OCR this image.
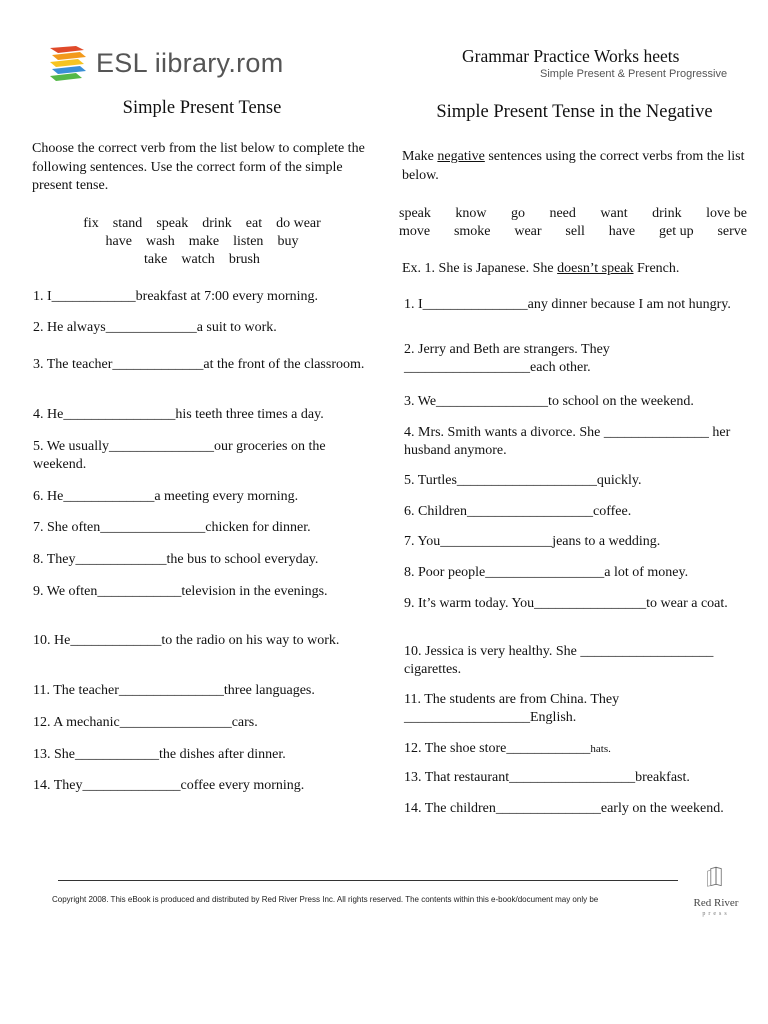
ESL iibrary.rom	Grammar Practice Works heets
Simple Present & Present Progressive

Simple Present Tense

Choose the correct verb from the list below to complete the following sentences. Use the correct form of the simple present tense.

fix stand speak drink eat do wear
have wash make listen buy
take watch brush
1. I____________breakfast at 7:00 every morning.
2. He always_____________a suit to work.
3. The teacher_____________at the front of the classroom.
4. He________________his teeth three times a day.
5. We usually_______________our groceries on the weekend.
6. He_____________a meeting every morning.
7. She often_______________chicken for dinner.
8. They_____________the bus to school everyday.
9. We often____________television in the evenings.
10. He_____________to the radio on his way to work.
11. The teacher_______________three languages.
12. A mechanic________________cars.
13. She____________the dishes after dinner.
14. They______________coffee every morning.

Simple Present Tense in the Negative

Make negative sentences using the correct verbs from the list below.

speak know go need want drink love be
move smoke wear sell have get up serve
Ex. 1. She is Japanese. She doesn’t speak French.
1. I_______________any dinner because I am not hungry.
2. Jerry and Beth are strangers. They __________________each other.
3. We________________to school on the weekend.
4. Mrs. Smith wants a divorce. She _______________ her husband anymore.
5. Turtles____________________quickly.
6. Children__________________coffee.
7. You________________jeans to a wedding.
8. Poor people_________________a lot of money.
9. It’s warm today. You________________to wear a coat.
10. Jessica is very healthy. She ___________________ cigarettes.
11. The students are from China. They __________________English.
12. The shoe store____________hats.
13. That restaurant__________________breakfast.
14. The children_______________early on the weekend.
Copyright 2008. This eBook is produced and distributed by Red River Press Inc. All rights reserved. The contents within this e-book/document may only be	Red River
press
